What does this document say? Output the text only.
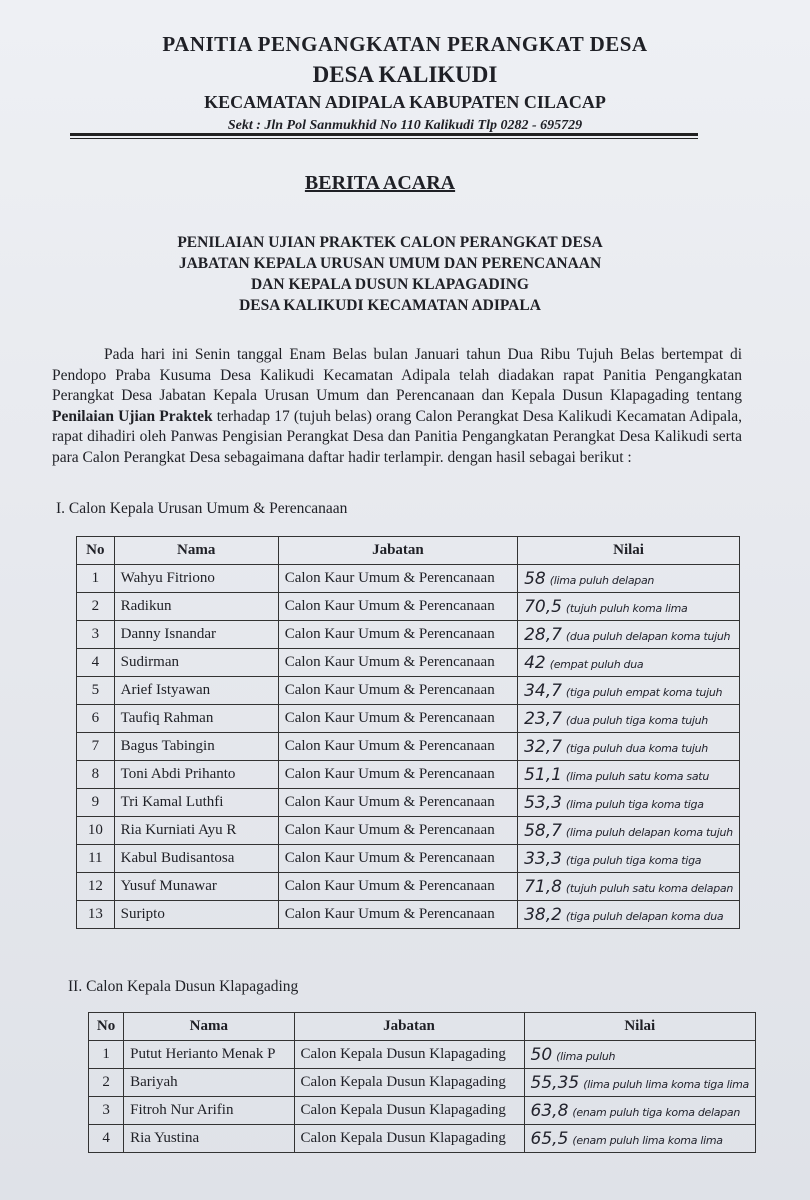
PANITIA PENGANGKATAN PERANGKAT DESA
DESA KALIKUDI
KECAMATAN ADIPALA KABUPATEN CILACAP
Sekt : Jln Pol Sanmukhid No 110 Kalikudi Tlp 0282 - 695729
BERITA ACARA
PENILAIAN UJIAN PRAKTEK CALON PERANGKAT DESA
JABATAN KEPALA URUSAN UMUM DAN PERENCANAAN
DAN KEPALA DUSUN KLAPAGADING
DESA KALIKUDI KECAMATAN ADIPALA

Pada hari ini Senin tanggal Enam Belas bulan Januari tahun Dua Ribu Tujuh Belas bertempat di Pendopo Praba Kusuma Desa Kalikudi Kecamatan Adipala telah diadakan rapat Panitia Pengangkatan Perangkat Desa Jabatan Kepala Urusan Umum dan Perencanaan dan Kepala Dusun Klapagading tentang Penilaian Ujian Praktek terhadap 17 (tujuh belas) orang Calon Perangkat Desa Kalikudi Kecamatan Adipala, rapat dihadiri oleh Panwas Pengisian Perangkat Desa dan Panitia Pengangkatan Perangkat Desa Kalikudi serta para Calon Perangkat Desa sebagaimana daftar hadir terlampir. dengan hasil sebagai berikut :

I. Calon Kepala Urusan Umum & Perencanaan
No	Nama	Jabatan	Nilai
1	Wahyu Fitriono	Calon Kaur Umum & Perencanaan	58 (lima puluh delapan
2	Radikun	Calon Kaur Umum & Perencanaan	70,5 (tujuh puluh koma lima
3	Danny Isnandar	Calon Kaur Umum & Perencanaan	28,7 (dua puluh delapan koma tujuh
4	Sudirman	Calon Kaur Umum & Perencanaan	42 (empat puluh dua
5	Arief Istyawan	Calon Kaur Umum & Perencanaan	34,7 (tiga puluh empat koma tujuh
6	Taufiq Rahman	Calon Kaur Umum & Perencanaan	23,7 (dua puluh tiga koma tujuh
7	Bagus Tabingin	Calon Kaur Umum & Perencanaan	32,7 (tiga puluh dua koma tujuh
8	Toni Abdi Prihanto	Calon Kaur Umum & Perencanaan	51,1 (lima puluh satu koma satu
9	Tri Kamal Luthfi	Calon Kaur Umum & Perencanaan	53,3 (lima puluh tiga koma tiga
10	Ria Kurniati Ayu R	Calon Kaur Umum & Perencanaan	58,7 (lima puluh delapan koma tujuh
11	Kabul Budisantosa	Calon Kaur Umum & Perencanaan	33,3 (tiga puluh tiga koma tiga
12	Yusuf Munawar	Calon Kaur Umum & Perencanaan	71,8 (tujuh puluh satu koma delapan
13	Suripto	Calon Kaur Umum & Perencanaan	38,2 (tiga puluh delapan koma dua
II. Calon Kepala Dusun Klapagading
No	Nama	Jabatan	Nilai
1	Putut Herianto Menak P	Calon Kepala Dusun Klapagading	50 (lima puluh
2	Bariyah	Calon Kepala Dusun Klapagading	55,35 (lima puluh lima koma tiga lima
3	Fitroh Nur Arifin	Calon Kepala Dusun Klapagading	63,8 (enam puluh tiga koma delapan
4	Ria Yustina	Calon Kepala Dusun Klapagading	65,5 (enam puluh lima koma lima
